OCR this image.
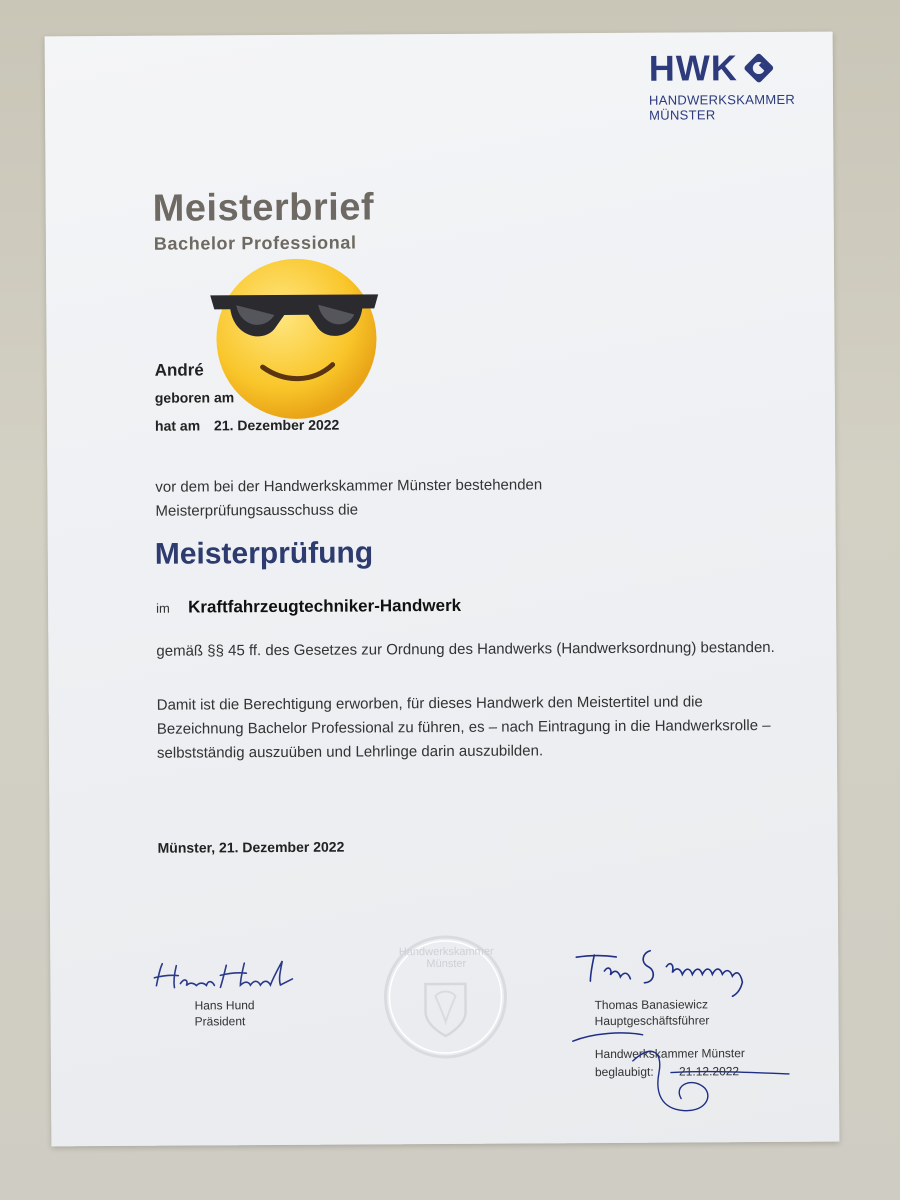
HWK
HANDWERKSKAMMER
MÜNSTER
Meisterbrief
Bachelor Professional
André
geboren am
hat am 21. Dezember 2022
vor dem bei der Handwerkskammer Münster bestehenden Meisterprüfungsausschuss die
Meisterprüfung
im	Kraftfahrzeugtechniker-Handwerk
gemäß §§ 45 ff. des Gesetzes zur Ordnung des Handwerks (Handwerksordnung) bestanden.
Damit ist die Berechtigung erworben, für dieses Handwerk den Meistertitel und die Bezeichnung Bachelor Professional zu führen, es – nach Eintragung in die Handwerksrolle – selbstständig auszuüben und Lehrlinge darin auszubilden.
Münster, 21. Dezember 2022
Hans Hund
Präsident
Handwerkskammer
Münster
Thomas Banasiewicz
Hauptgeschäftsführer
Handwerkskammer Münster
beglaubigt: 21.12.2022
